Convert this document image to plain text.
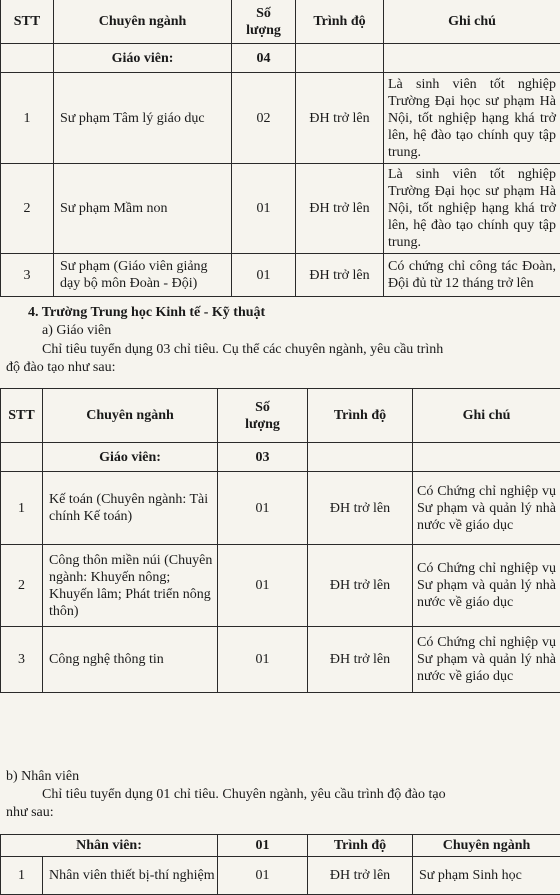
STT	Chuyên ngành	Số lượng	Trình độ	Ghi chú
	Giáo viên:	04		
1	Sư phạm Tâm lý giáo dục	02	ĐH trở lên	Là sinh viên tốt nghiệp Trường Đại học sư phạm Hà Nội, tốt nghiệp hạng khá trở lên, hệ đào tạo chính quy tập trung.
2	Sư phạm Mầm non	01	ĐH trở lên	Là sinh viên tốt nghiệp Trường Đại học sư phạm Hà Nội, tốt nghiệp hạng khá trở lên, hệ đào tạo chính quy tập trung.
3	Sư phạm (Giáo viên giảng dạy bộ môn Đoàn - Đội)	01	ĐH trở lên	Có chứng chỉ công tác Đoàn, Đội đủ từ 12 tháng trở lên

4. Trường Trung học Kinh tế - Kỹ thuật

a) Giáo viên

Chỉ tiêu tuyển dụng 03 chỉ tiêu. Cụ thể các chuyên ngành, yêu cầu trình

độ đào tạo như sau:

STT	Chuyên ngành	Số lượng	Trình độ	Ghi chú
	Giáo viên:	03		
1	Kế toán (Chuyên ngành: Tài chính Kế toán)	01	ĐH trở lên	Có Chứng chỉ nghiệp vụ Sư phạm và quản lý nhà nước về giáo dục
2	Công thôn miền núi (Chuyên ngành: Khuyến nông; Khuyến lâm; Phát triển nông thôn)	01	ĐH trở lên	Có Chứng chỉ nghiệp vụ Sư phạm và quản lý nhà nước về giáo dục
3	Công nghệ thông tin	01	ĐH trở lên	Có Chứng chỉ nghiệp vụ Sư phạm và quản lý nhà nước về giáo dục

b) Nhân viên

Chỉ tiêu tuyển dụng 01 chỉ tiêu. Chuyên ngành, yêu cầu trình độ đào tạo

như sau:

Nhân viên:		01	Trình độ	Chuyên ngành
1	Nhân viên thiết bị-thí nghiệm	01	ĐH trở lên	Sư phạm Sinh học
